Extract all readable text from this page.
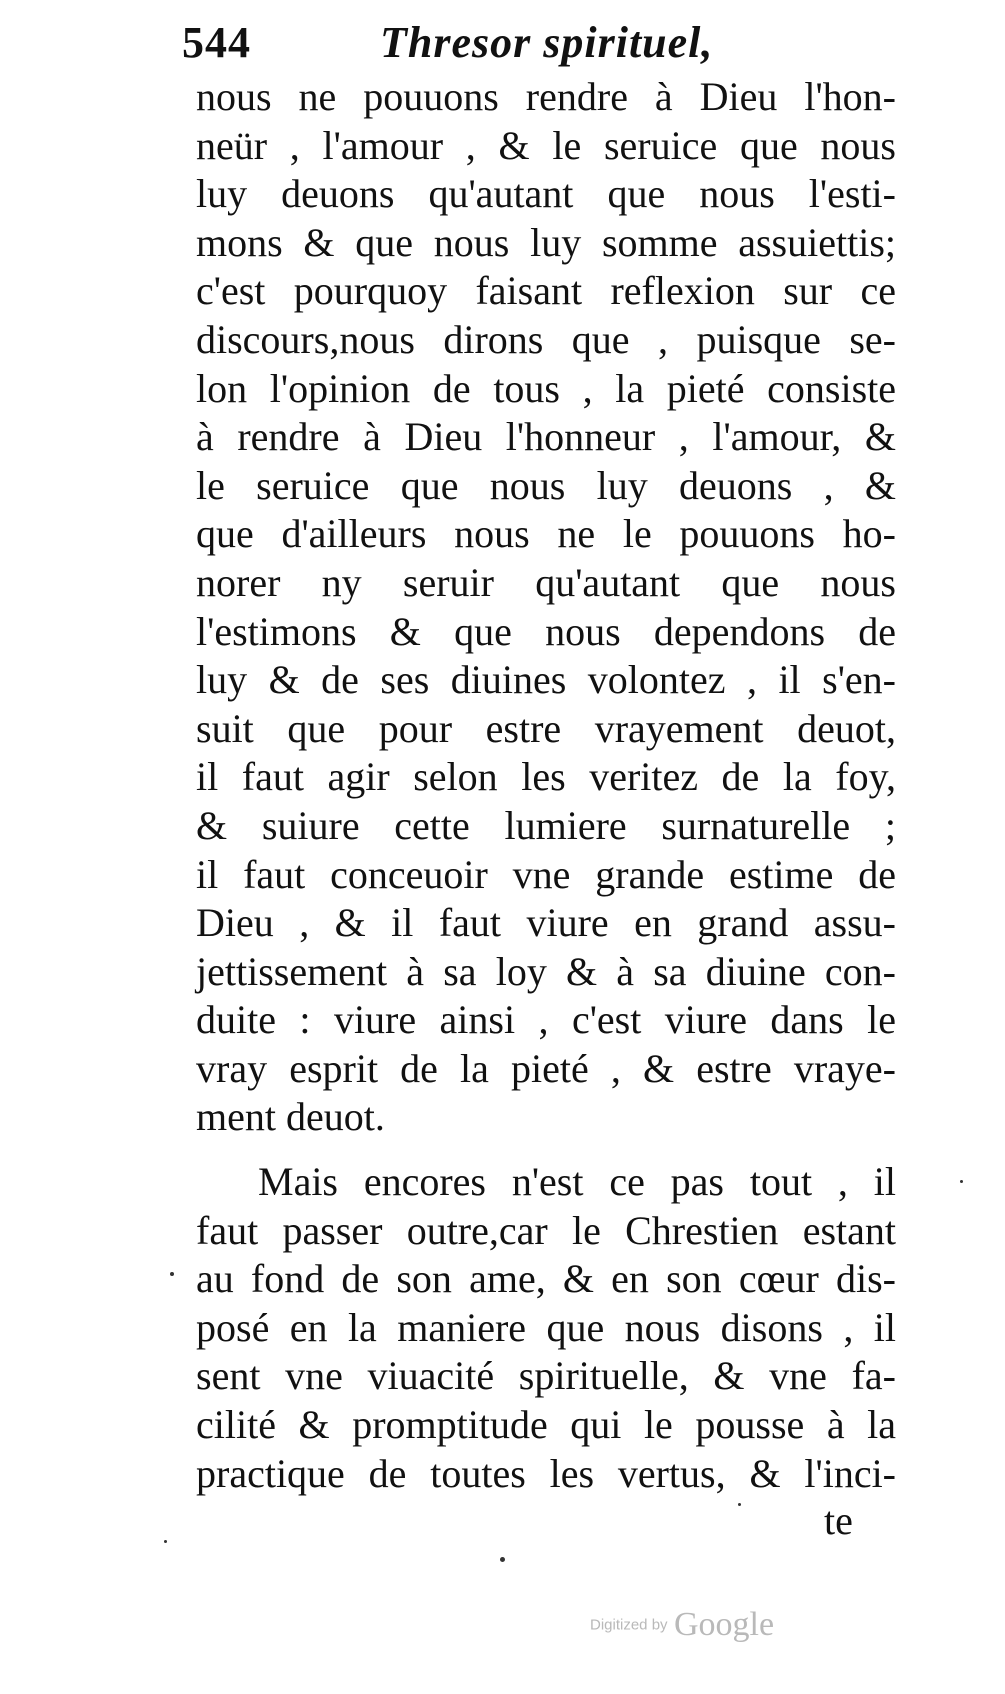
544	Thresor spirituel,
nous ne pouuons rendre à Dieu l'hon-
neür , l'amour , & le seruice que nous
luy deuons qu'autant que nous l'esti-
mons & que nous luy somme assuiettis;
c'est pourquoy faisant reflexion sur ce
discours,nous dirons que , puisque se-
lon l'opinion de tous , la pieté consiste
à rendre à Dieu l'honneur , l'amour, &
le seruice que nous luy deuons , &
que d'ailleurs nous ne le pouuons ho-
norer ny seruir qu'autant que nous
l'estimons & que nous dependons de
luy & de ses diuines volontez , il s'en-
suit que pour estre vrayement deuot,
il faut agir selon les veritez de la foy,
& suiure cette lumiere surnaturelle ;
il faut conceuoir vne grande estime de
Dieu , & il faut viure en grand assu-
jettissement à sa loy & à sa diuine con-
duite : viure ainsi , c'est viure dans le
vray esprit de la pieté , & estre vraye-
ment deuot.
Mais encores n'est ce pas tout , il
faut passer outre,car le Chrestien estant
au fond de son ame, & en son cœur dis-
posé en la maniere que nous disons , il
sent vne viuacité spirituelle, & vne fa-
cilité & promptitude qui le pousse à la
practique de toutes les vertus, & l'inci-
te
Digitized by Google
